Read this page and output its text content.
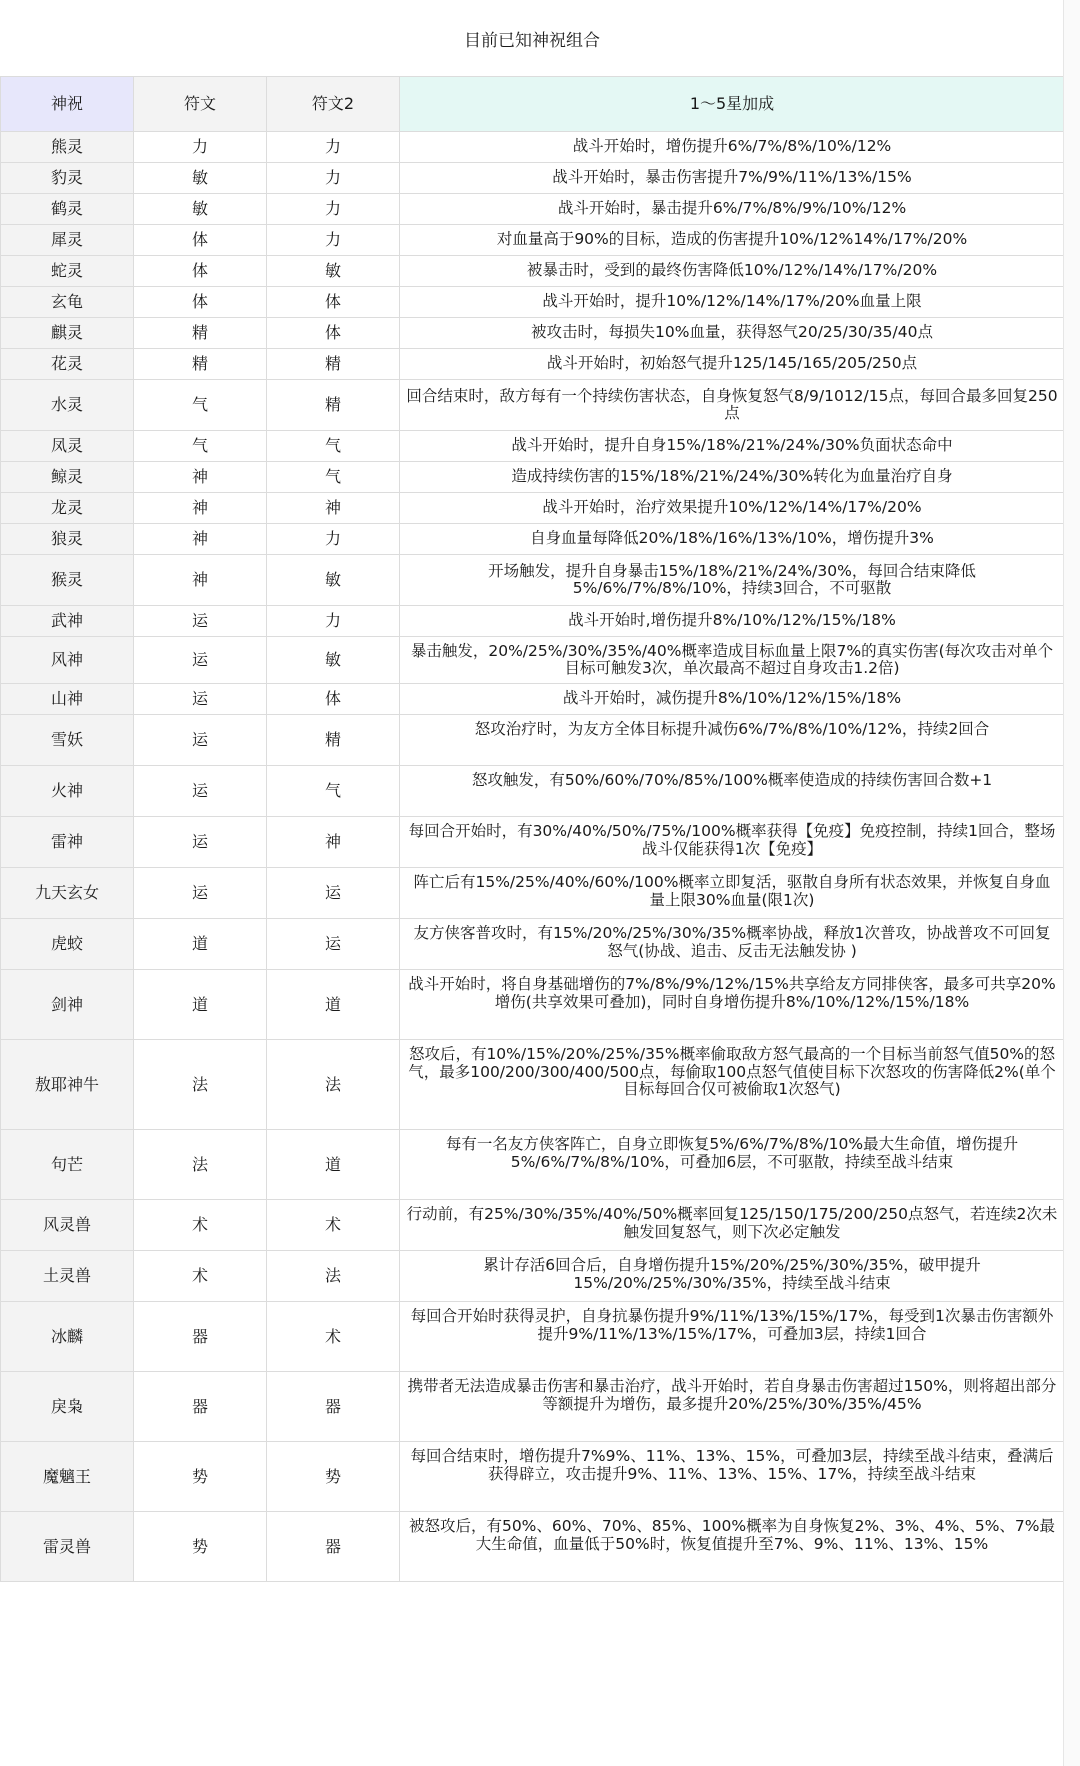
目前已知神祝组合
神祝	符文	符文2	1～5星加成
熊灵	力	力	战斗开始时，增伤提升6%/7%/8%/10%/12%
豹灵	敏	力	战斗开始时，暴击伤害提升7%/9%/11%/13%/15%
鹤灵	敏	力	战斗开始时，暴击提升6%/7%/8%/9%/10%/12%
犀灵	体	力	对血量高于90%的目标，造成的伤害提升10%/12%14%/17%/20%
蛇灵	体	敏	被暴击时，受到的最终伤害降低10%/12%/14%/17%/20%
玄龟	体	体	战斗开始时，提升10%/12%/14%/17%/20%血量上限
麒灵	精	体	被攻击时，每损失10%血量，获得怒气20/25/30/35/40点
花灵	精	精	战斗开始时，初始怒气提升125/145/165/205/250点
水灵	气	精	回合结束时，敌方每有一个持续伤害状态，自身恢复怒气8/9/1012/15点，每回合最多回复250点
凤灵	气	气	战斗开始时，提升自身15%/18%/21%/24%/30%负面状态命中
鲸灵	神	气	造成持续伤害的15%/18%/21%/24%/30%转化为血量治疗自身
龙灵	神	神	战斗开始时，治疗效果提升10%/12%/14%/17%/20%
狼灵	神	力	自身血量每降低20%/18%/16%/13%/10%，增伤提升3%
猴灵	神	敏	开场触发，提升自身暴击15%/18%/21%/24%/30%，每回合结束降低5%/6%/7%/8%/10%，持续3回合，不可驱散
武神	运	力	战斗开始时,增伤提升8%/10%/12%/15%/18%
风神	运	敏	暴击触发，20%/25%/30%/35%/40%概率造成目标血量上限7%的真实伤害(每次攻击对单个目标可触发3次，单次最高不超过自身攻击1.2倍)
山神	运	体	战斗开始时，减伤提升8%/10%/12%/15%/18%
雪妖	运	精	怒攻治疗时，为友方全体目标提升减伤6%/7%/8%/10%/12%，持续2回合
火神	运	气	怒攻触发，有50%/60%/70%/85%/100%概率使造成的持续伤害回合数+1
雷神	运	神	每回合开始时，有30%/40%/50%/75%/100%概率获得【免疫】免疫控制，持续1回合，整场战斗仅能获得1次【免疫】
九天玄女	运	运	阵亡后有15%/25%/40%/60%/100%概率立即复活，驱散自身所有状态效果，并恢复自身血量上限30%血量(限1次)
虎蛟	道	运	友方侠客普攻时，有15%/20%/25%/30%/35%概率协战，释放1次普攻，协战普攻不可回复怒气(协战、追击、反击无法触发协 )
剑神	道	道	战斗开始时，将自身基础增伤的7%/8%/9%/12%/15%共享给友方同排侠客，最多可共享20%增伤(共享效果可叠加)，同时自身增伤提升8%/10%/12%/15%/18%
敖耶神牛	法	法	怒攻后，有10%/15%/20%/25%/35%概率偷取敌方怒气最高的一个目标当前怒气值50%的怒气，最多100/200/300/400/500点，每偷取100点怒气值使目标下次怒攻的伤害降低2%(单个目标每回合仅可被偷取1次怒气)
句芒	法	道	每有一名友方侠客阵亡，自身立即恢复5%/6%/7%/8%/10%最大生命值，增伤提升5%/6%/7%/8%/10%，可叠加6层，不可驱散，持续至战斗结束
风灵兽	术	术	行动前，有25%/30%/35%/40%/50%概率回复125/150/175/200/250点怒气，若连续2次未触发回复怒气，则下次必定触发
土灵兽	术	法	累计存活6回合后，自身增伤提升15%/20%/25%/30%/35%，破甲提升15%/20%/25%/30%/35%，持续至战斗结束
冰麟	器	术	每回合开始时获得灵护，自身抗暴伤提升9%/11%/13%/15%/17%，每受到1次暴击伤害额外提升9%/11%/13%/15%/17%，可叠加3层，持续1回合
戾枭	器	器	携带者无法造成暴击伤害和暴击治疗，战斗开始时，若自身暴击伤害超过150%，则将超出部分等额提升为增伤，最多提升20%/25%/30%/35%/45%
魔魑王	势	势	每回合结束时，增伤提升7%9%、11%、13%、15%，可叠加3层，持续至战斗结束，叠满后获得辟立，攻击提升9%、11%、13%、15%、17%，持续至战斗结束
雷灵兽	势	器	被怒攻后，有50%、60%、70%、85%、100%概率为自身恢复2%、3%、4%、5%、7%最大生命值，血量低于50%时，恢复值提升至7%、9%、11%、13%、15%
